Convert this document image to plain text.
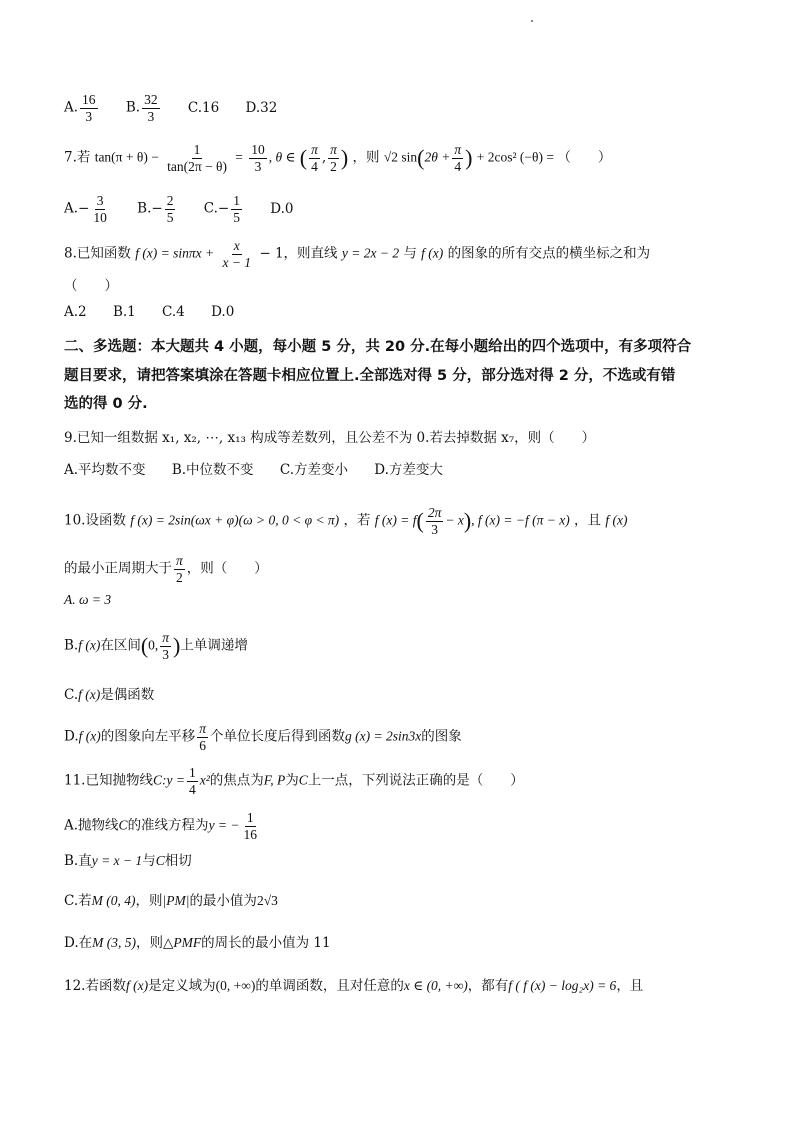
A. $\frac{16}{3} B$. $\frac{32}{3} C.16$ D.32
7.若 $\tan(\pi + \theta) - \frac{1}{\tan(2\pi - \theta)} = \frac{10}{3}$ , θ ∈ ( $\frac{\pi}{4}$ , $\frac{\pi}{2}$ ) ，则 √2 $\sin(2\theta + \frac{\pi}{4}$ ) + 2cos² (−θ) = （　　）
$A.- \frac{3}{10} B.- \frac{2}{5} C.- \frac{1}{5} D.0$
8.已知函数 f $(x) = \sin\pi x + \frac{x}{x - 1} - 1$，则直线 y = 2x − 2 与 f (x) 的图象的所有交点的横坐标之和为
（　　）
A.2 B.1 C.4 D.0
二、多选题：本大题共 4 小题，每小题 5 分，共 20 分.在每小题给出的四个选项中，有多项符合
题目要求，请把答案填涂在答题卡相应位置上.全部选对得 5 分，部分选对得 2 分，不选或有错
选的得 0 分.
9.已知一组数据 x₁, x₂, ⋯, x₁₃ 构成等差数列，且公差不为 0.若去掉数据 x₇，则（　　）
A.平均数不变 B.中位数不变 C.方差变小 D.方差变大
10.设函数 f (x) = 2sin(ωx + φ)(ω > 0, 0 < φ < π) ，若 f $(x) = f( \frac{2\pi}{3} - x)$, f (x) = −f (π − x) ，且 f (x)
的最小正周期大于 $\frac{\pi}{2}$ ，则（　　）
A. ω = 3
B.f (x)在区间(0, $\frac{\pi}{3}$ )上单调递增
C.f (x)是偶函数
D.f (x)的图象向左平移 $\frac{\pi}{6}$ 个单位长度后得到函数g (x) = 2sin3x的图象
11.已知抛物线C:y = $\frac{1}{4} x^2$的焦点为F, P为C上一点，下列说法正确的是（　　）
A.抛物线C的准线方程为y = − $\frac{1}{16}$
B.直y = x − 1与C相切
C.若M (0, 4)，则|PM|的最小值为2√3
D.在M (3, 5)，则△PMF的周长的最小值为 11
12.若函数f (x)是定义域为(0, +∞)的单调函数，且对任意的x ∈ (0, +∞)，都有f ( f (x) − log₂x) = 6，且
